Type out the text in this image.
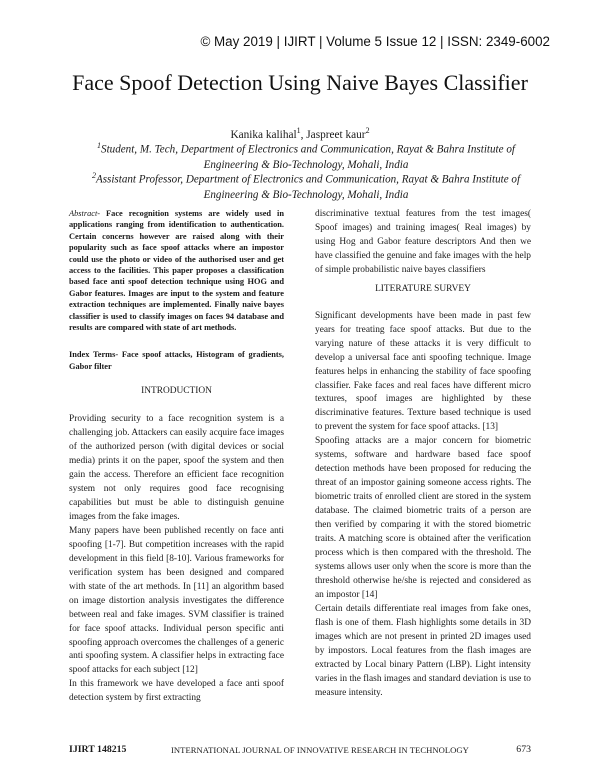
© May 2019 | IJIRT | Volume 5 Issue 12 | ISSN: 2349-6002
Face Spoof Detection Using Naive Bayes Classifier
Kanika kalihal$^1$, Jaspreet kaur$^2$
$^1$Student, M. Tech, Department of Electronics and Communication, Rayat & Bahra Institute of Engineering & Bio-Technology, Mohali, India
$^2$Assistant Professor, Department of Electronics and Communication, Rayat & Bahra Institute of Engineering & Bio-Technology, Mohali, India

Abstract- Face recognition systems are widely used in applications ranging from identification to authentication. Certain concerns however are raised along with their popularity such as face spoof attacks where an impostor could use the photo or video of the authorised user and get access to the facilities. This paper proposes a classification based face anti spoof detection technique using HOG and Gabor features. Images are input to the system and feature extraction techniques are implemented. Finally naive bayes classifier is used to classify images on faces 94 database and results are compared with state of art methods.

Index Terms- Face spoof attacks, Histogram of gradients, Gabor filter

INTRODUCTION

Providing security to a face recognition system is a challenging job. Attackers can easily acquire face images of the authorized person (with digital devices or social media) prints it on the paper, spoof the system and then gain the access. Therefore an efficient face recognition system not only requires good face recognising capabilities but must be able to distinguish genuine images from the fake images.

Many papers have been published recently on face anti spoofing [1-7]. But competition increases with the rapid development in this field [8-10]. Various frameworks for verification system has been designed and compared with state of the art methods. In [11] an algorithm based on image distortion analysis investigates the difference between real and fake images. SVM classifier is trained for face spoof attacks. Individual person specific anti spoofing approach overcomes the challenges of a generic anti spoofing system. A classifier helps in extracting face spoof attacks for each subject [12]

In this framework we have developed a face anti spoof detection system by first extracting

discriminative textual features from the test images( Spoof images) and training images( Real images) by using Hog and Gabor feature descriptors And then we have classified the genuine and fake images with the help of simple probabilistic naive bayes classifiers

LITERATURE SURVEY

Significant developments have been made in past few years for treating face spoof attacks. But due to the varying nature of these attacks it is very difficult to develop a universal face anti spoofing technique. Image features helps in enhancing the stability of face spoofing classifier. Fake faces and real faces have different micro textures, spoof images are highlighted by these discriminative features. Texture based technique is used to prevent the system for face spoof attacks. [13]

Spoofing attacks are a major concern for biometric systems, software and hardware based face spoof detection methods have been proposed for reducing the threat of an impostor gaining someone access rights. The biometric traits of enrolled client are stored in the system database. The claimed biometric traits of a person are then verified by comparing it with the stored biometric traits. A matching score is obtained after the verification process which is then compared with the threshold. The systems allows user only when the score is more than the threshold otherwise he/she is rejected and considered as an impostor [14]

Certain details differentiate real images from fake ones, flash is one of them. Flash highlights some details in 3D images which are not present in printed 2D images used by impostors. Local features from the flash images are extracted by Local binary Pattern (LBP). Light intensity varies in the flash images and standard deviation is use to measure intensity.

IJIRT 148215	INTERNATIONAL JOURNAL OF INNOVATIVE RESEARCH IN TECHNOLOGY	673
